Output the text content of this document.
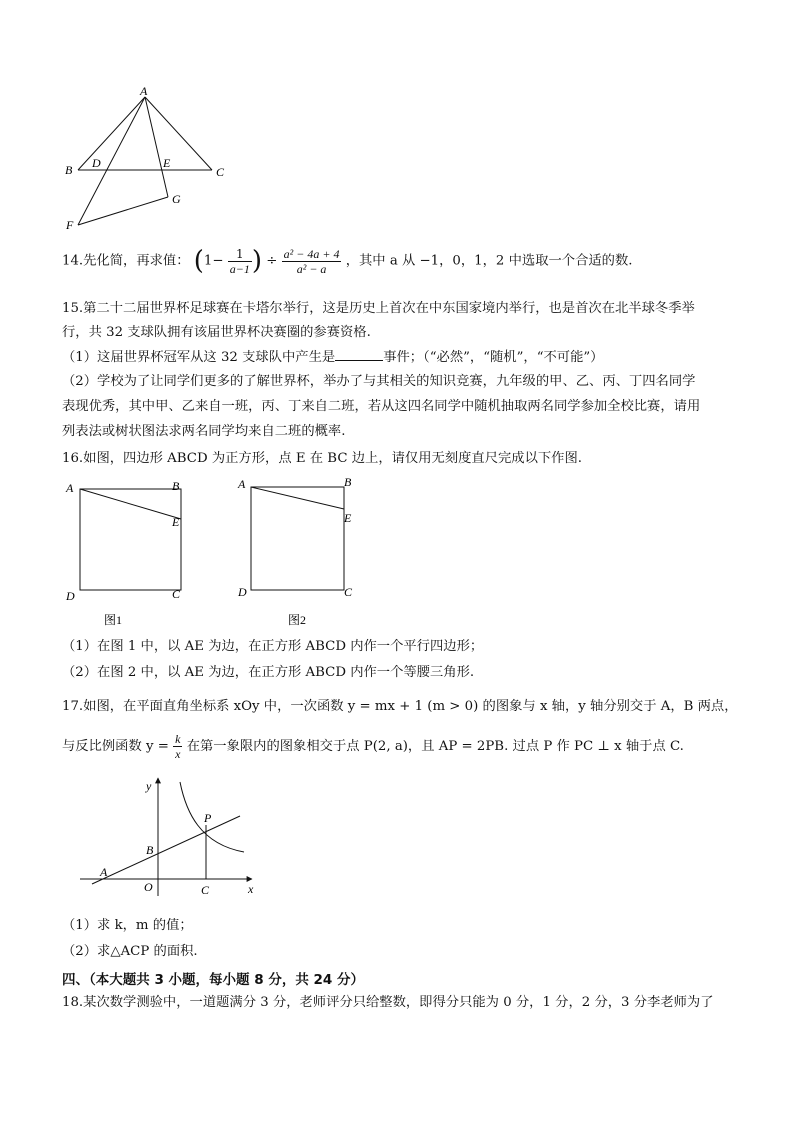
A
B	C
D	E
F
G
14.先化简，再求值： ($1- \frac{1}{a-1}$ ) ÷ $\frac{\text{a² − 4a + 4}}{\text{a² − a}}$ ，其中 a 从 −1，0，1，2 中选取一个合适的数.
15.第二十二届世界杯足球赛在卡塔尔举行，这是历史上首次在中东国家境内举行，也是首次在北半球冬季举
行，共 32 支球队拥有该届世界杯决赛圈的参赛资格.
（1）这届世界杯冠军从这 32 支球队中产生是	事件；（“必然”，“随机”，“不可能”）
（2）学校为了让同学们更多的了解世界杯，举办了与其相关的知识竞赛，九年级的甲、乙、丙、丁四名同学
表现优秀，其中甲、乙来自一班，丙、丁来自二班，若从这四名同学中随机抽取两名同学参加全校比赛，请用
列表法或树状图法求两名同学均来自二班的概率.
16.如图，四边形 ABCD 为正方形，点 E 在 BC 边上，请仅用无刻度直尺完成以下作图.
A	B
E
D	C
图1
A	B
E
D	C
图2
（1）在图 1 中，以 AE 为边，在正方形 ABCD 内作一个平行四边形；
（2）在图 2 中，以 AE 为边，在正方形 ABCD 内作一个等腰三角形.
17.如图，在平面直角坐标系 xOy 中，一次函数 y = mx + 1 (m > 0) 的图象与 x 轴，y 轴分别交于 A，B 两点，
与反比例函数 $y = \frac{k}{x}$ 在第一象限内的图象相交于点 P(2, a)，且 AP = 2PB. 过点 P 作 PC ⊥ x 轴于点 C.
y
x
O
A
B
P
C
（1）求 k，m 的值；
（2）求△ACP 的面积.
四、（本大题共 3 小题，每小题 8 分，共 24 分）
18.某次数学测验中，一道题满分 3 分，老师评分只给整数，即得分只能为 0 分，1 分，2 分，3 分李老师为了
